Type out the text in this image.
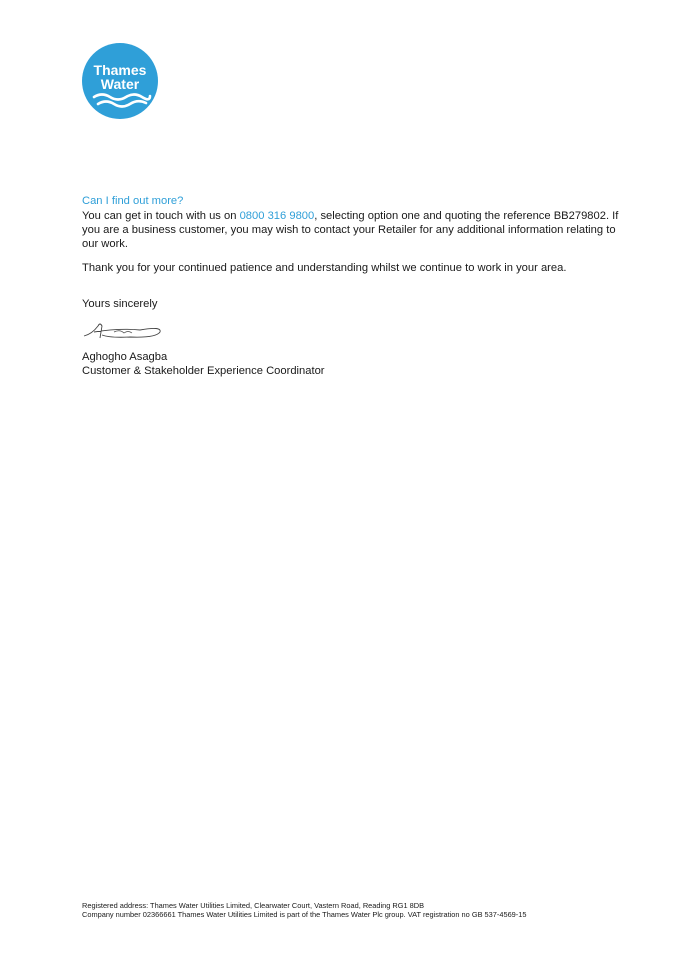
Thames
Water
Can I find out more?
You can get in touch with us on 0800 316 9800, selecting option one and quoting the reference BB279802. If you are a business customer, you may wish to contact your Retailer for any additional information relating to our work.
Thank you for your continued patience and understanding whilst we continue to work in your area.
Yours sincerely
Aghogho Asagba
Customer & Stakeholder Experience Coordinator
Registered address: Thames Water Utilities Limited, Clearwater Court, Vastern Road, Reading RG1 8DB
Company number 02366661 Thames Water Utilities Limited is part of the Thames Water Plc group. VAT registration no GB 537-4569-15
